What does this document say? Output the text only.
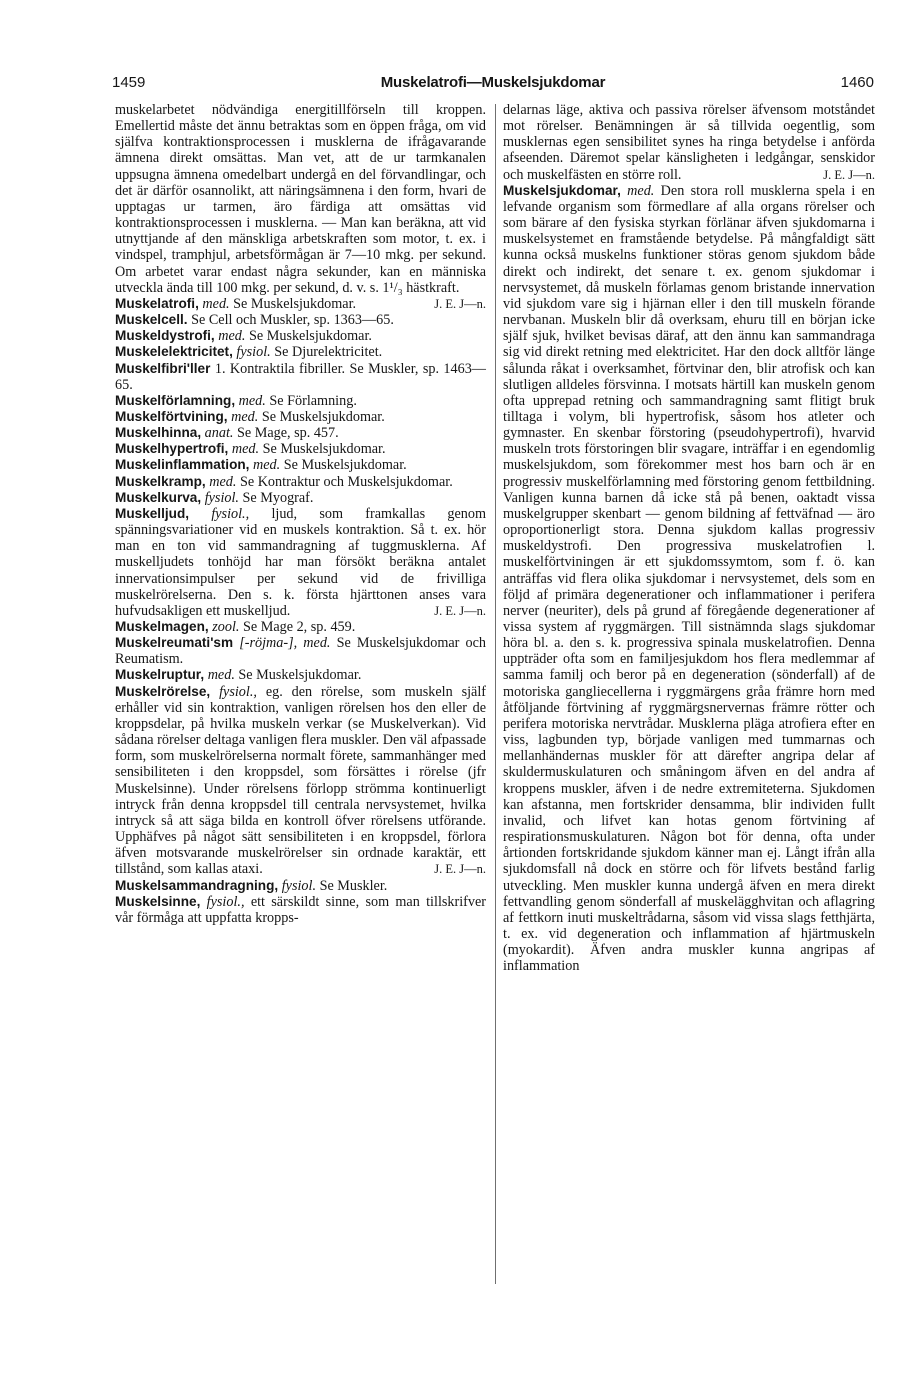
1459	Muskelatrofi—Muskelsjukdomar	1460

muskelarbetet nödvändiga energitillförseln till kroppen. Emellertid måste det ännu betraktas som en öppen fråga, om vid själfva kontraktionsprocessen i musklerna de ifrågavarande ämnena direkt omsättas. Man vet, att de ur tarmkanalen uppsugna ämnena omedelbart undergå en del förvandlingar, och det är därför osannolikt, att näringsämnena i den form, hvari de upptagas ur tarmen, äro färdiga att omsättas vid kontraktionsprocessen i musklerna. — Man kan beräkna, att vid utnyttjande af den mänskliga arbetskraften som motor, t. ex. i vindspel, tramphjul, arbetsförmågan är 7—10 mkg. per sekund. Om arbetet varar endast några sekunder, kan en människa utveckla ända till 100 mkg. per sekund, d. v. s. 1¹/₃ hästkraft.
J. E. J—n.

Muskelatrofi, med. Se Muskelsjukdomar.

Muskelcell. Se Cell och Muskler, sp. 1363—65.

Muskeldystrofi, med. Se Muskelsjukdomar.

Muskelelektricitet, fysiol. Se Djurelektricitet.

Muskelfibri'ller 1. Kontraktila fibriller. Se Muskler, sp. 1463—65.

Muskelförlamning, med. Se Förlamning.

Muskelförtvining, med. Se Muskelsjukdomar.

Muskelhinna, anat. Se Mage, sp. 457.

Muskelhypertrofi, med. Se Muskelsjukdomar.

Muskelinflammation, med. Se Muskelsjukdomar.

Muskelkramp, med. Se Kontraktur och Muskelsjukdomar.

Muskelkurva, fysiol. Se Myograf.

Muskelljud, fysiol., ljud, som framkallas genom spänningsvariationer vid en muskels kontraktion. Så t. ex. hör man en ton vid sammandragning af tuggmusklerna. Af muskelljudets tonhöjd har man försökt beräkna antalet innervationsimpulser per sekund vid de frivilliga muskelrörelserna. Den s. k. första hjärttonen anses vara hufvudsakligen ett muskelljud.	J. E. J—n.

Muskelmagen, zool. Se Mage 2, sp. 459.

Muskelreumati'sm [-röjma-], med. Se Muskelsjukdomar och Reumatism.

Muskelruptur, med. Se Muskelsjukdomar.

Muskelrörelse, fysiol., eg. den rörelse, som muskeln själf erhåller vid sin kontraktion, vanligen rörelsen hos den eller de kroppsdelar, på hvilka muskeln verkar (se Muskelverkan). Vid sådana rörelser deltaga vanligen flera muskler. Den väl afpassade form, som muskelrörelserna normalt förete, sammanhänger med sensibiliteten i den kroppsdel, som försättes i rörelse (jfr Muskelsinne). Under rörelsens förlopp strömma kontinuerligt intryck från denna kroppsdel till centrala nervsystemet, hvilka intryck så att säga bilda en kontroll öfver rörelsens utförande. Upphäfves på något sätt sensibiliteten i en kroppsdel, förlora äfven motsvarande muskelrörelser sin ordnade karaktär, ett tillstånd, som kallas ataxi.	J. E. J—n.

Muskelsammandragning, fysiol. Se Muskler.

Muskelsinne, fysiol., ett särskildt sinne, som man tillskrifver vår förmåga att uppfatta kropps-

delarnas läge, aktiva och passiva rörelser äfvensom motståndet mot rörelser. Benämningen är så tillvida oegentlig, som musklernas egen sensibilitet synes ha ringa betydelse i anförda afseenden. Däremot spelar känsligheten i ledgångar, senskidor och muskelfästen en större roll.	J. E. J—n.

Muskelsjukdomar, med. Den stora roll musklerna spela i en lefvande organism som förmedlare af alla organs rörelser och som bärare af den fysiska styrkan förlänar äfven sjukdomarna i muskelsystemet en framstående betydelse. På mångfaldigt sätt kunna också muskelns funktioner störas genom sjukdom både direkt och indirekt, det senare t. ex. genom sjukdomar i nervsystemet, då muskeln förlamas genom bristande innervation vid sjukdom vare sig i hjärnan eller i den till muskeln förande nervbanan. Muskeln blir då overksam, ehuru till en början icke själf sjuk, hvilket bevisas däraf, att den ännu kan sammandraga sig vid direkt retning med elektricitet. Har den dock alltför länge sålunda råkat i overksamhet, förtvinar den, blir atrofisk och kan slutligen alldeles försvinna. I motsats härtill kan muskeln genom ofta upprepad retning och sammandragning samt flitigt bruk tilltaga i volym, bli hypertrofisk, såsom hos atleter och gymnaster. En skenbar förstoring (pseudohypertrofi), hvarvid muskeln trots förstoringen blir svagare, inträffar i en egendomlig muskelsjukdom, som förekommer mest hos barn och är en progressiv muskelförlamning med förstoring genom fettbildning. Vanligen kunna barnen då icke stå på benen, oaktadt vissa muskelgrupper skenbart — genom bildning af fettväfnad — äro oproportionerligt stora. Denna sjukdom kallas progressiv muskeldystrofi. Den progressiva muskelatrofien l. muskelförtviningen är ett sjukdomssymtom, som f. ö. kan anträffas vid flera olika sjukdomar i nervsystemet, dels som en följd af primära degenerationer och inflammationer i perifera nerver (neuriter), dels på grund af föregående degenerationer af vissa system af ryggmärgen. Till sistnämnda slags sjukdomar höra bl. a. den s. k. progressiva spinala muskelatrofien. Denna uppträder ofta som en familjesjukdom hos flera medlemmar af samma familj och beror på en degeneration (sönderfall) af de motoriska gangliecellerna i ryggmärgens gråa främre horn med åtföljande förtvining af ryggmärgsnervernas främre rötter och perifera motoriska nervtrådar. Musklerna pläga atrofiera efter en viss, lagbunden typ, började vanligen med tummarnas och mellanhändernas muskler för att därefter angripa delar af skuldermuskulaturen och småningom äfven en del andra af kroppens muskler, äfven i de nedre extremiteterna. Sjukdomen kan afstanna, men fortskrider densamma, blir individen fullt invalid, och lifvet kan hotas genom förtvining af respirationsmuskulaturen. Någon bot för denna, ofta under årtionden fortskridande sjukdom känner man ej. Långt ifrån alla sjukdomsfall nå dock en större och för lifvets bestånd farlig utveckling. Men muskler kunna undergå äfven en mera direkt fettvandling genom sönderfall af muskelägghvitan och aflagring af fettkorn inuti muskeltrådarna, såsom vid vissa slags fetthjärta, t. ex. vid degeneration och inflammation af hjärtmuskeln (myokardit). Äfven andra muskler kunna angripas af inflammation
